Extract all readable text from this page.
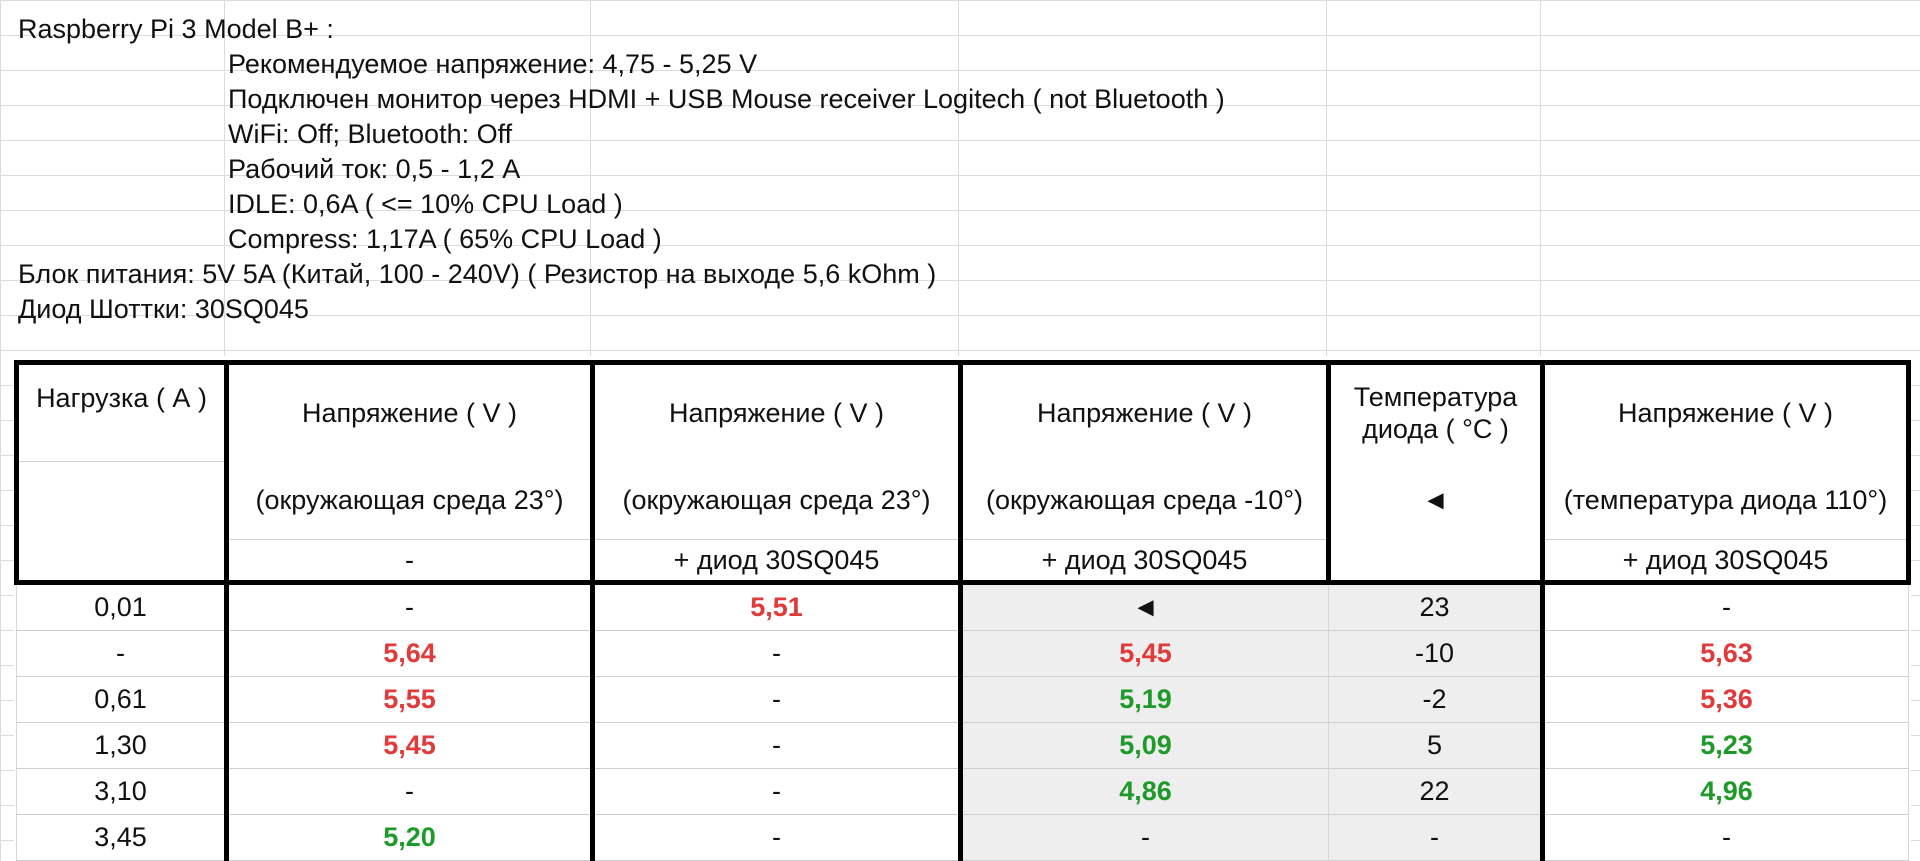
Raspberry Pi 3 Model B+ :
Рекомендуемое напряжение: 4,75 - 5,25 V
Подключен монитор через HDMI + USB Mouse receiver Logitech ( not Bluetooth )
WiFi: Off; Bluetooth: Off
Рабочий ток: 0,5 - 1,2 A
IDLE: 0,6A ( <= 10% CPU Load )
Compress: 1,17A ( 65% CPU Load )
Блок питания: 5V 5A (Китай, 100 - 240V) ( Резистор на выходе 5,6 kOhm )
Диод Шоттки: 30SQ045
Нагрузка ( А )	Напряжение ( V )	Напряжение ( V )	Напряжение ( V )	Температура диода ( °C )	Напряжение ( V )
	(окружающая среда 23°)	(окружающая среда 23°)	(окружающая среда -10°)	◄	(температура диода 110°)
	-	+ диод 30SQ045	+ диод 30SQ045		+ диод 30SQ045
0,01	-	5,51	◄	23	-
-	5,64	-	5,45	-10	5,63
0,61	5,55	-	5,19	-2	5,36
1,30	5,45	-	5,09	5	5,23
3,10	-	-	4,86	22	4,96
3,45	5,20	-	-	-	-
